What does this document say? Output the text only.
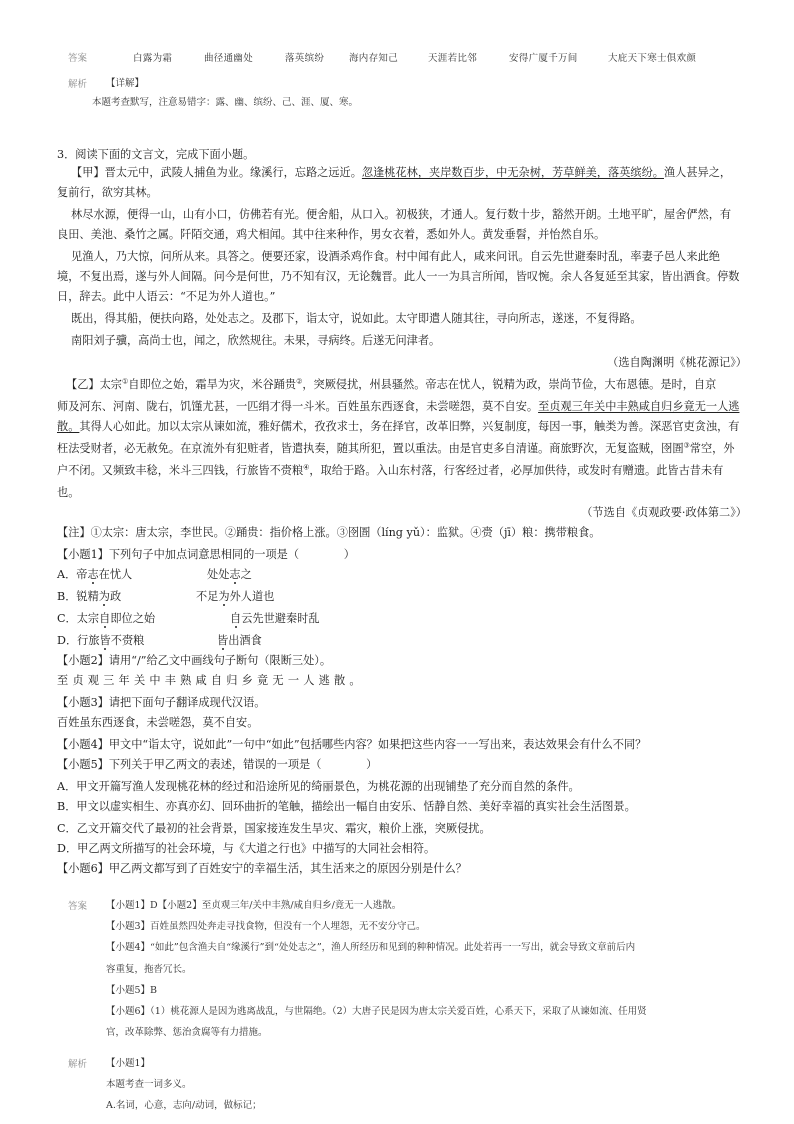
答案	白露为霜	曲径通幽处	落英缤纷	海内存知己	天涯若比邻	安得广厦千万间	大庇天下寒士俱欢颜
解析 【详解】
本题考查默写，注意易错字：露、幽、缤纷、己、涯、厦、寒。
3．阅读下面的文言文，完成下面小题。
【甲】晋太元中，武陵人捕鱼为业。缘溪行，忘路之远近。忽逢桃花林，夹岸数百步，中无杂树，芳草鲜美，落英缤纷。渔人甚异之，
复前行，欲穷其林。
林尽水源，便得一山，山有小口，仿佛若有光。便舍船，从口入。初极狭，才通人。复行数十步，豁然开朗。土地平旷，屋舍俨然，有
良田、美池、桑竹之属。阡陌交通，鸡犬相闻。其中往来种作，男女衣着，悉如外人。黄发垂髫，并怡然自乐。
见渔人，乃大惊，问所从来。具答之。便要还家，设酒杀鸡作食。村中闻有此人，咸来问讯。自云先世避秦时乱，率妻子邑人来此绝
境，不复出焉，遂与外人间隔。问今是何世，乃不知有汉，无论魏晋。此人一一为具言所闻，皆叹惋。余人各复延至其家，皆出酒食。停数
日，辞去。此中人语云：“不足为外人道也。”
既出，得其船，便扶向路，处处志之。及郡下，诣太守，说如此。太守即遣人随其往，寻向所志，遂迷，不复得路。
南阳刘子骥，高尚士也，闻之，欣然规往。未果，寻病终。后遂无问津者。
（选自陶渊明《桃花源记》）
【乙】太宗①自即位之始，霜旱为灾，米谷踊贵②，突厥侵扰，州县骚然。帝志在忧人，锐精为政，崇尚节俭，大布恩德。是时，自京
师及河东、河南、陇右，饥馑尤甚，一匹绢才得一斗米。百姓虽东西逐食，未尝嗟怨，莫不自安。至贞观三年关中丰熟咸自归乡竟无一人逃
散。其得人心如此。加以太宗从谏如流，雅好儒术，孜孜求士，务在择官，改革旧弊，兴复制度，每因一事，触类为善。深恶官吏贪浊，有
枉法受财者，必无赦免。在京流外有犯赃者，皆遣执奏，随其所犯，置以重法。由是官吏多自清谨。商旅野次，无复盗贼，囹圄③常空，外
户不闭。又频致丰稔，米斗三四钱，行旅皆不赍粮④，取给于路。入山东村落，行客经过者，必厚加供待，或发时有赠遗。此皆古昔未有
也。
（节选自《贞观政要·政体第二》）
【注】①太宗：唐太宗，李世民。②踊贵：指价格上涨。③囹圄（líng yǔ）：监狱。④赍（jī）粮：携带粮食。
【小题1】下列句子中加点词意思相同的一项是（　　　　）
A．帝志在忧人	处处志之
B．锐精为政	不足为外人道也
C．太宗自即位之始	自云先世避秦时乱
D．行旅皆不赍粮	皆出酒食
【小题2】请用“/”给乙文中画线句子断句（限断三处）。
至贞观三年关中丰熟咸自归乡竟无一人逃散。
【小题3】请把下面句子翻译成现代汉语。
百姓虽东西逐食，未尝嗟怨，莫不自安。
【小题4】甲文中“诣太守，说如此”一句中“如此”包括哪些内容？如果把这些内容一一写出来，表达效果会有什么不同？
【小题5】下列关于甲乙两文的表述，错误的一项是（　　　　）
A．甲文开篇写渔人发现桃花林的经过和沿途所见的绮丽景色，为桃花源的出现铺垫了充分而自然的条件。
B．甲文以虚实相生、亦真亦幻、回环曲折的笔触，描绘出一幅自由安乐、恬静自然、美好幸福的真实社会生活图景。
C．乙文开篇交代了最初的社会背景，国家接连发生旱灾、霜灾，粮价上涨，突厥侵扰。
D．甲乙两文所描写的社会环境，与《大道之行也》中描写的大同社会相符。
【小题6】甲乙两文都写到了百姓安宁的幸福生活，其生活来之的原因分别是什么？
答案 【小题1】D【小题2】至贞观三年/关中丰熟/咸自归乡/竟无一人逃散。
【小题3】百姓虽然四处奔走寻找食物，但没有一个人埋怨，无不安分守己。
【小题4】“如此”包含渔夫自“缘溪行”到“处处志之”，渔人所经历和见到的种种情况。此处若再一一写出，就会导致文章前后内
容重复，拖沓冗长。
【小题5】B
【小题6】（1）桃花源人是因为逃离战乱，与世隔绝。（2）大唐子民是因为唐太宗关爱百姓，心系天下，采取了从谏如流、任用贤
官，改革除弊、惩治贪腐等有力措施。
解析 【小题1】
本题考查一词多义。
A.名词，心意，志向/动词，做标记；
